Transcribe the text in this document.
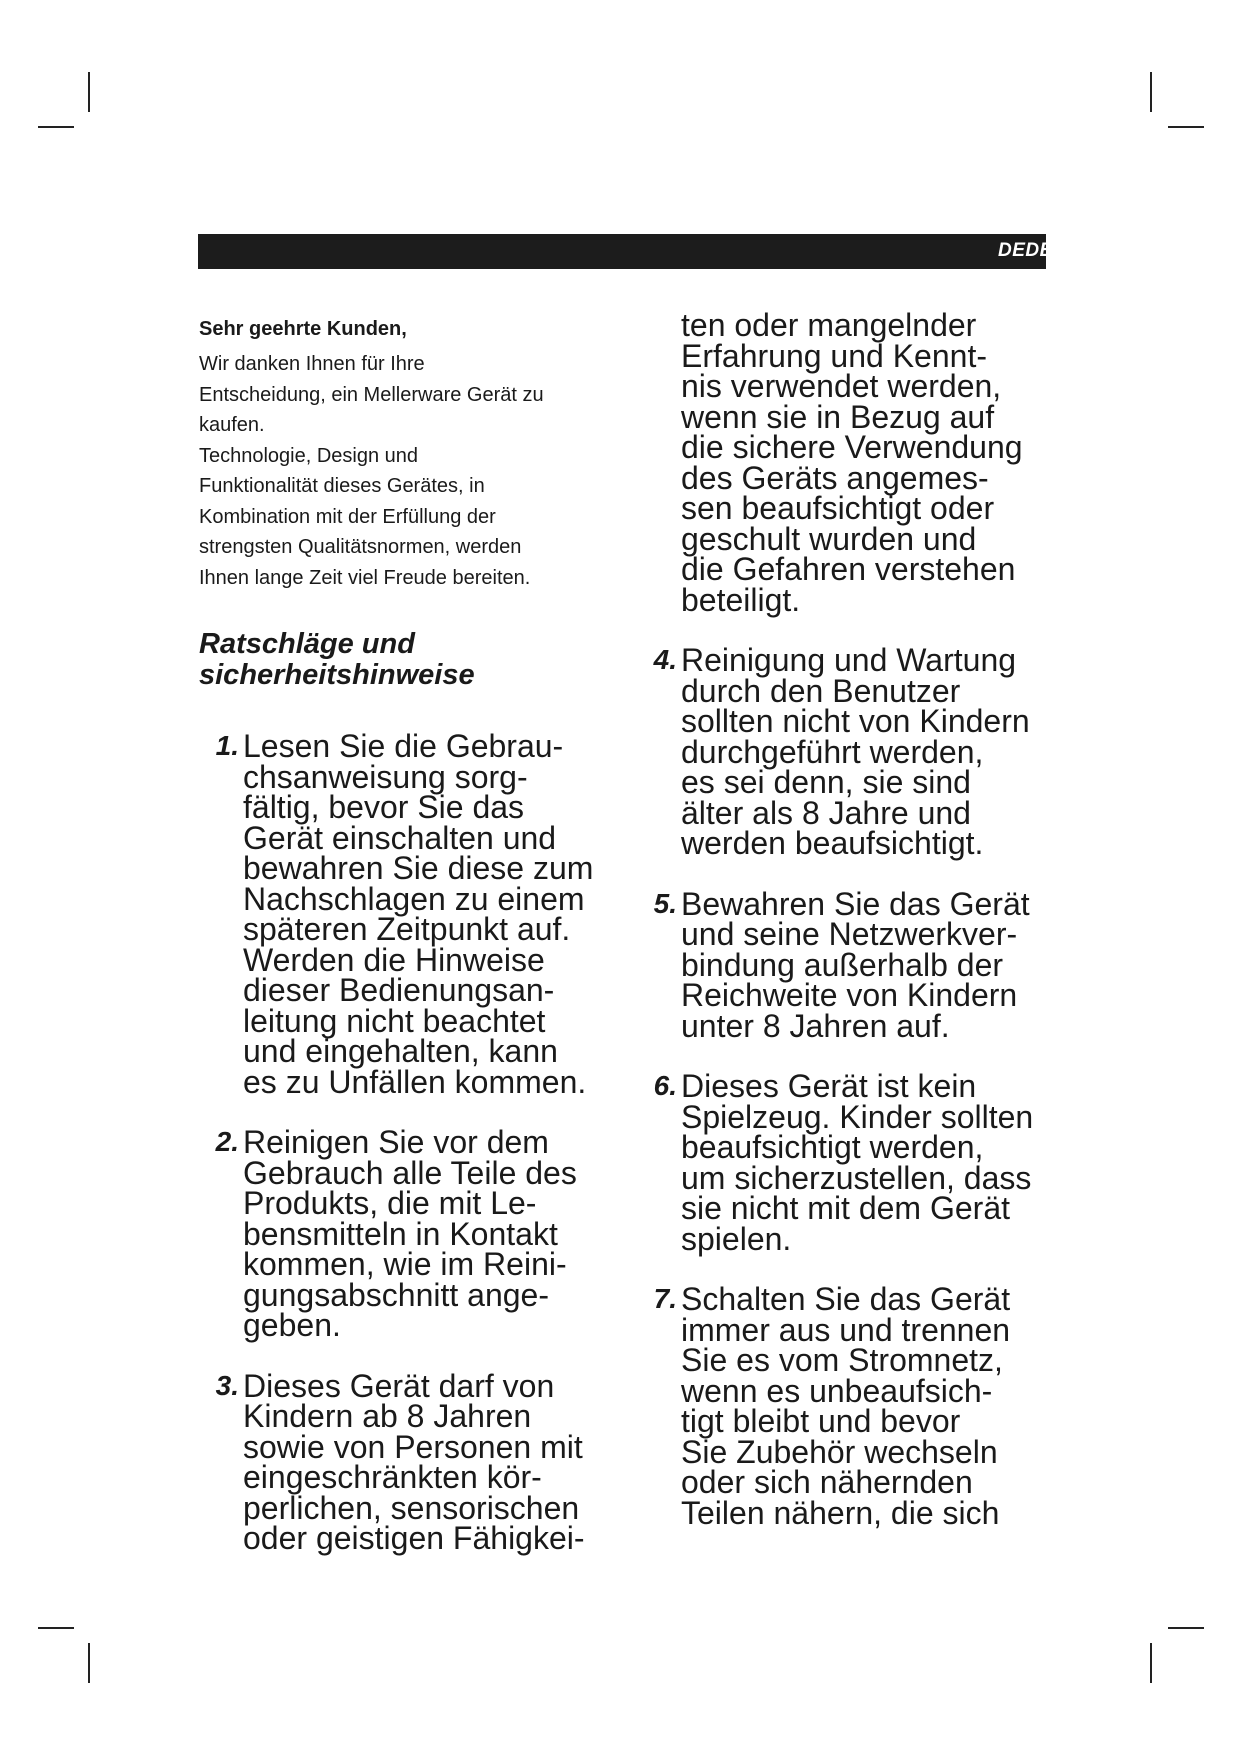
DEDE

Sehr geehrte Kunden,

Wir danken Ihnen für Ihre
Entscheidung, ein Mellerware Gerät zu
kaufen.
Technologie, Design und
Funktionalität dieses Gerätes, in
Kombination mit der Erfüllung der
strengsten Qualitätsnormen, werden
Ihnen lange Zeit viel Freude bereiten.
Ratschläge und
sicherheitshinweise
1. Lesen Sie die Gebrau-
chsanweisung sorg-
fältig, bevor Sie das
Gerät einschalten und
bewahren Sie diese zum
Nachschlagen zu einem
späteren Zeitpunkt auf.
Werden die Hinweise
dieser Bedienungsan-
leitung nicht beachtet
und eingehalten, kann
es zu Unfällen kommen.
2. Reinigen Sie vor dem
Gebrauch alle Teile des
Produkts, die mit Le-
bensmitteln in Kontakt
kommen, wie im Reini-
gungsabschnitt ange-
geben.
3. Dieses Gerät darf von
Kindern ab 8 Jahren
sowie von Personen mit
eingeschränkten kör-
perlichen, sensorischen
oder geistigen Fähigkei-
ten oder mangelnder
Erfahrung und Kennt-
nis verwendet werden,
wenn sie in Bezug auf
die sichere Verwendung
des Geräts angemes-
sen beaufsichtigt oder
geschult wurden und
die Gefahren verstehen
beteiligt.
4. Reinigung und Wartung
durch den Benutzer
sollten nicht von Kindern
durchgeführt werden,
es sei denn, sie sind
älter als 8 Jahre und
werden beaufsichtigt.
5. Bewahren Sie das Gerät
und seine Netzwerkver-
bindung außerhalb der
Reichweite von Kindern
unter 8 Jahren auf.
6. Dieses Gerät ist kein
Spielzeug. Kinder sollten
beaufsichtigt werden,
um sicherzustellen, dass
sie nicht mit dem Gerät
spielen.
7. Schalten Sie das Gerät
immer aus und trennen
Sie es vom Stromnetz,
wenn es unbeaufsich-
tigt bleibt und bevor
Sie Zubehör wechseln
oder sich nähernden
Teilen nähern, die sich
